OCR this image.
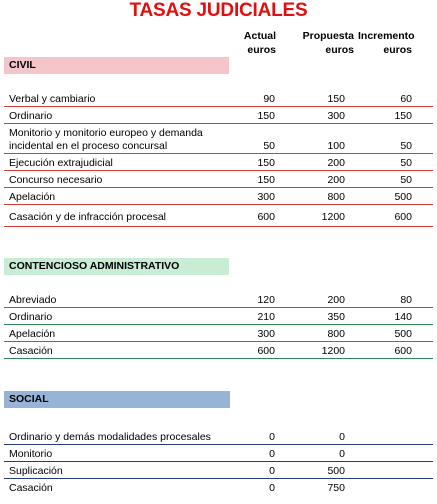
TASAS JUDICIALES
Actual
euros
Propuesta
euros
Incremento
euros
CIVIL
Verbal y cambiario	90	150	60
Ordinario	150	300	150
Monitorio y monitorio europeo y demanda incidental en el proceso concursal	50	100	50
Ejecución extrajudicial	150	200	50
Concurso necesario	150	200	50
Apelación	300	800	500
Casación y de infracción procesal	600	1200	600
CONTENCIOSO ADMINISTRATIVO
Abreviado	120	200	80
Ordinario	210	350	140
Apelación	300	800	500
Casación	600	1200	600
SOCIAL
Ordinario y demás modalidades procesales	0	0
Monitorio	0	0
Suplicación	0	500
Casación	0	750
